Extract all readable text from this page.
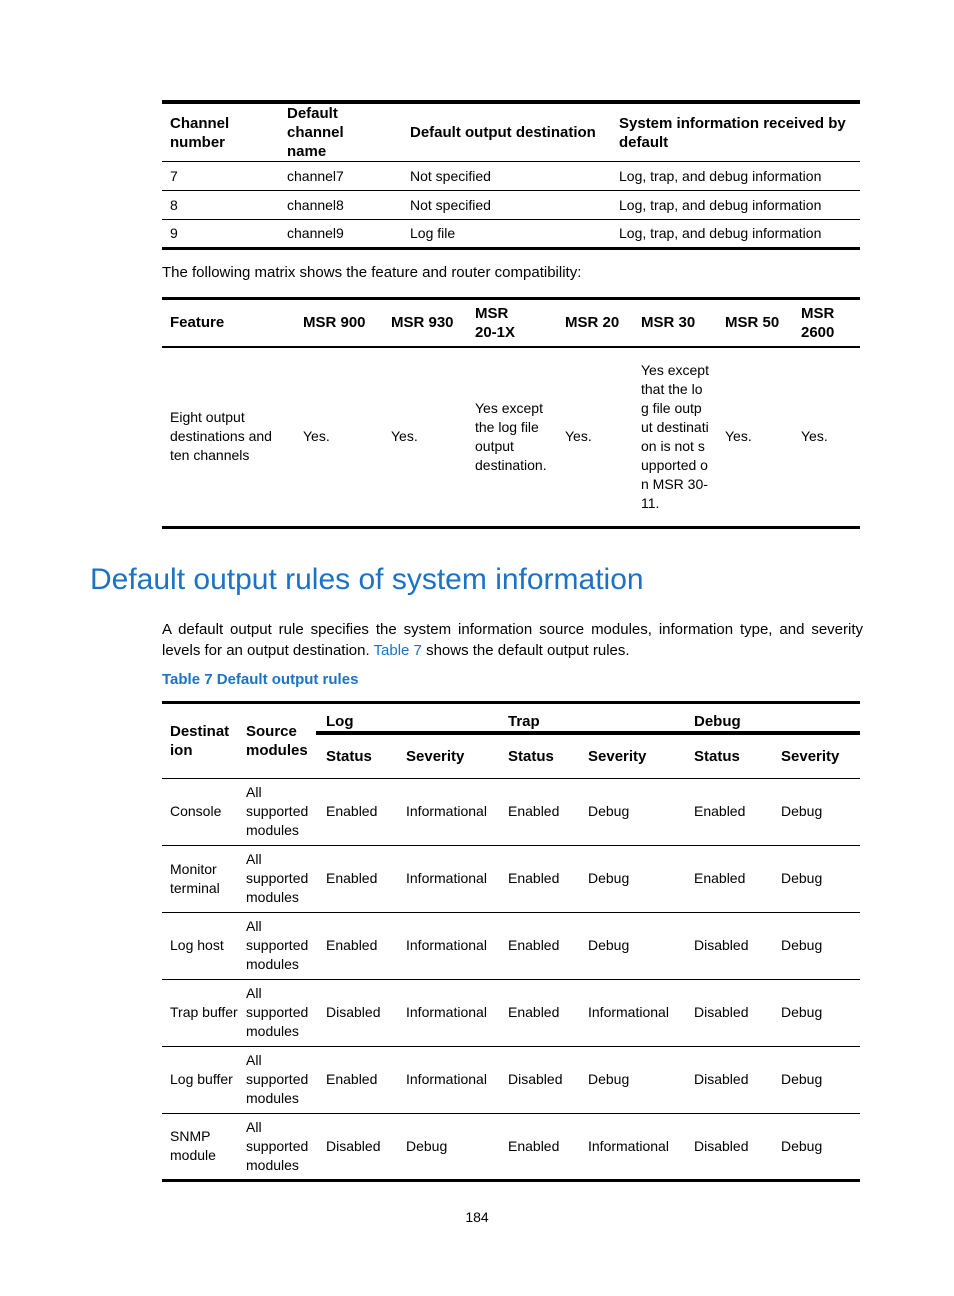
Channel number	Default channel name	Default output destination	System information received by default
7	channel7	Not specified	Log, trap, and debug information
8	channel8	Not specified	Log, trap, and debug information
9	channel9	Log file	Log, trap, and debug information
The following matrix shows the feature and router compatibility:
Feature	MSR 900	MSR 930	MSR 20-1X	MSR 20	MSR 30	MSR 50	MSR 2600
Eight output destinations and ten channels	Yes.	Yes.	Yes except the log file output destination.	Yes.	Yes except that the log file output destination is not supported on MSR 30-11.	Yes.	Yes.
Default output rules of system information

A default output rule specifies the system information source modules, information type, and severity levels for an output destination. Table 7 shows the default output rules.

Table 7 Default output rules
Destination	Source modules	Log		Trap		Debug	
		Status	Severity	Status	Severity	Status	Severity
Console	All supported modules	Enabled	Informational	Enabled	Debug	Enabled	Debug
Monitor terminal	All supported modules	Enabled	Informational	Enabled	Debug	Enabled	Debug
Log host	All supported modules	Enabled	Informational	Enabled	Debug	Disabled	Debug
Trap buffer	All supported modules	Disabled	Informational	Enabled	Informational	Disabled	Debug
Log buffer	All supported modules	Enabled	Informational	Disabled	Debug	Disabled	Debug
SNMP module	All supported modules	Disabled	Debug	Enabled	Informational	Disabled	Debug
184
